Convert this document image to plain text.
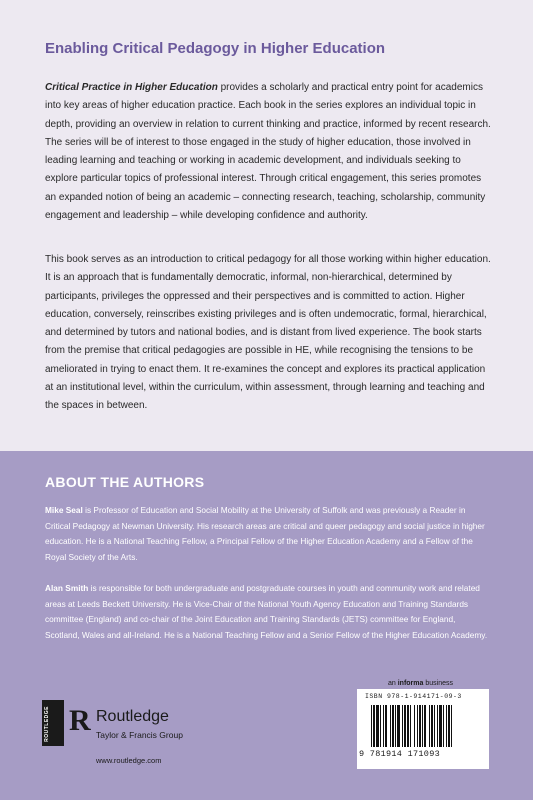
Enabling Critical Pedagogy in Higher Education

Critical Practice in Higher Education provides a scholarly and practical entry point for academics into key areas of higher education practice. Each book in the series explores an individual topic in depth, providing an overview in relation to current thinking and practice, informed by recent research. The series will be of interest to those engaged in the study of higher education, those involved in leading learning and teaching or working in academic development, and individuals seeking to explore particular topics of professional interest. Through critical engagement, this series promotes an expanded notion of being an academic – connecting research, teaching, scholarship, community engagement and leadership – while developing confidence and authority.

This book serves as an introduction to critical pedagogy for all those working within higher education. It is an approach that is fundamentally democratic, informal, non-hierarchical, determined by participants, privileges the oppressed and their perspectives and is committed to action. Higher education, conversely, reinscribes existing privileges and is often undemocratic, formal, hierarchical, and determined by tutors and national bodies, and is distant from lived experience. The book starts from the premise that critical pedagogies are possible in HE, while recognising the tensions to be ameliorated in trying to enact them. It re-examines the concept and explores its practical application at an institutional level, within the curriculum, within assessment, through learning and teaching and the spaces in between.

ABOUT THE AUTHORS

Mike Seal is Professor of Education and Social Mobility at the University of Suffolk and was previously a Reader in Critical Pedagogy at Newman University. His research areas are critical and queer pedagogy and social justice in higher education. He is a National Teaching Fellow, a Principal Fellow of the Higher Education Academy and a Fellow of the Royal Society of the Arts.

Alan Smith is responsible for both undergraduate and postgraduate courses in youth and community work and related areas at Leeds Beckett University. He is Vice-Chair of the National Youth Agency Education and Training Standards committee (England) and co-chair of the Joint Education and Training Standards (JETS) committee for England, Scotland, Wales and all-Ireland. He is a National Teaching Fellow and a Senior Fellow of the Higher Education Academy.

ROUTLEDGE R Routledge
Taylor & Francis Group
www.routledge.com
an informa business
ISBN 978-1-914171-09-3
9 781914 171093
